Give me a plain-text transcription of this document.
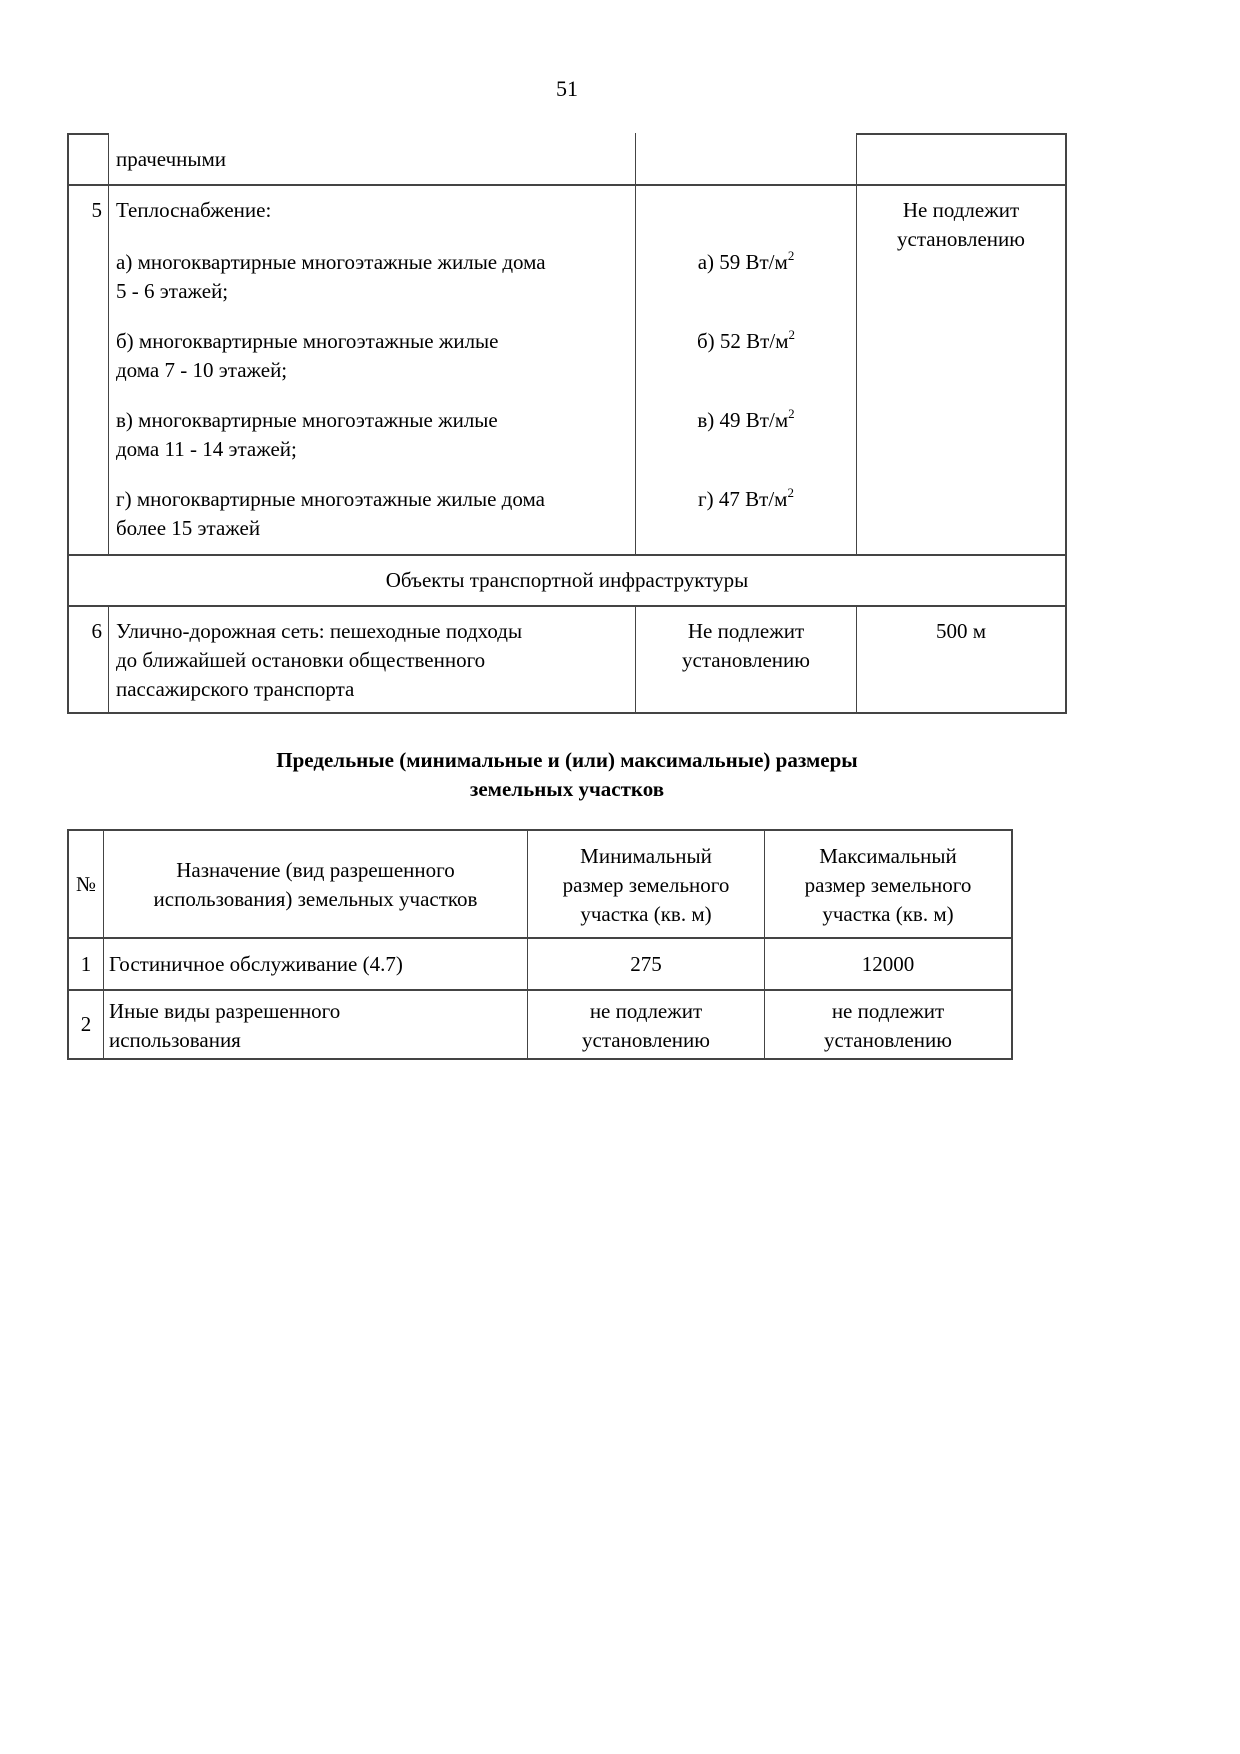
51
прачечными
5 Теплоснабжение:
а) многоквартирные многоэтажные жилые дома
5 - 6 этажей;
а) 59 $Вт/м^2$
б) многоквартирные многоэтажные жилые
дома 7 - 10 этажей;
б) 52 $Вт/м^2$
в) многоквартирные многоэтажные жилые
дома 11 - 14 этажей;
в) 49 $Вт/м^2$
г) многоквартирные многоэтажные жилые дома
более 15 этажей
г) 47 $Вт/м^2$
Не подлежит
установлению
Объекты транспортной инфраструктуры
6 Улично-дорожная сеть: пешеходные подходы
до ближайшей остановки общественного
пассажирского транспорта
Не подлежит
установлению
500 м
Предельные (минимальные и (или) максимальные) размеры
земельных участков
№
Назначение (вид разрешенного
использования) земельных участков
Минимальный
размер земельного
участка (кв. м)
Максимальный
размер земельного
участка (кв. м)
1 Гостиничное обслуживание (4.7)	275	12000
2
Иные виды разрешенного
использования
не подлежит
установлению
не подлежит
установлению
